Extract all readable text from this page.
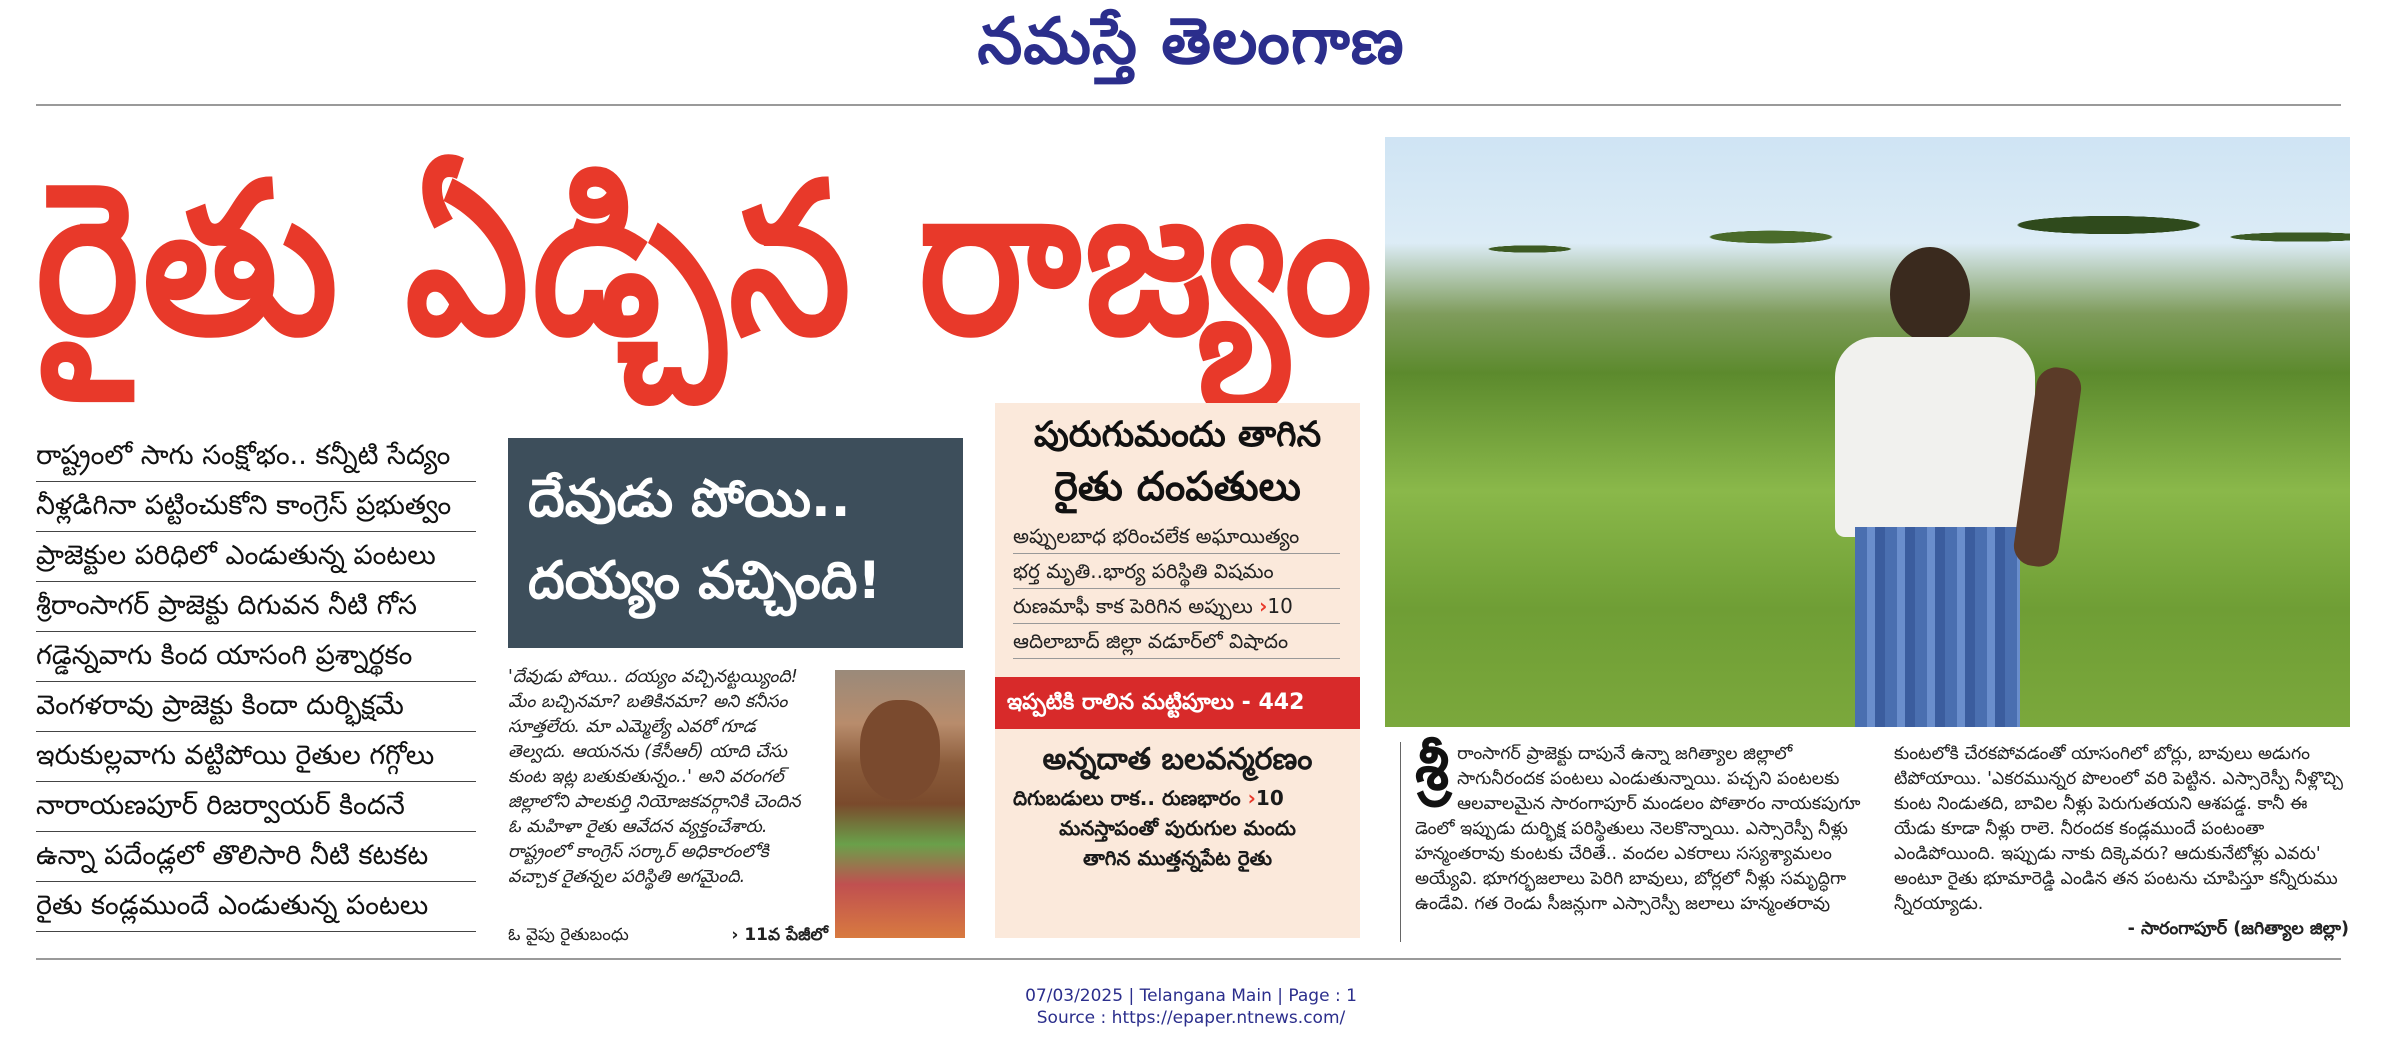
నమస్తే తెలంగాణ
రైతు ఏడ్చిన రాజ్యం
రాష్ట్రంలో సాగు సంక్షోభం.. కన్నీటి సేద్యం
నీళ్లడిగినా పట్టించుకోని కాంగ్రెస్ ప్రభుత్వం
ప్రాజెక్టుల పరిధిలో ఎండుతున్న పంటలు
శ్రీరాంసాగర్ ప్రాజెక్టు దిగువన నీటి గోస
గడ్డెన్నవాగు కింద యాసంగి ప్రశ్నార్థకం
వెంగళరావు ప్రాజెక్టు కిందా దుర్భిక్షమే
ఇరుకుల్లవాగు వట్టిపోయి రైతుల గగ్గోలు
నారాయణపూర్ రిజర్వాయర్ కిందనే
ఉన్నా పదేండ్లలో తొలిసారి నీటి కటకట
రైతు కండ్లముందే ఎండుతున్న పంటలు
దేవుడు పోయి..
దయ్యం వచ్చింది!
'దేవుడు పోయి.. దయ్యం వచ్చినట్టయ్యింది!
మేం బచ్చినమా? బతికినమా? అని కనీసం
సూత్తలేరు. మా ఎమ్మెల్యే ఎవరో గూడ
తెల్వదు. ఆయనను (కేసీఆర్) యాది చేసు
కుంట ఇట్ల బతుకుతున్నం..' అని వరంగల్
జిల్లాలోని పాలకుర్తి నియోజకవర్గానికి చెందిన
ఓ మహిళా రైతు ఆవేదన వ్యక్తంచేశారు.
రాష్ట్రంలో కాంగ్రెస్ సర్కార్ అధికారంలోకి
వచ్చాక రైతన్నల పరిస్థితి అగమైంది.
ఓ వైపు రైతుబంధు	› 11వ పేజీలో
పురుగుమందు తాగిన
రైతు దంపతులు
అప్పులబాధ భరించలేక అఘాయిత్యం
భర్త మృతి..భార్య పరిస్థితి విషమం
రుణమాఫీ కాక పెరిగిన అప్పులు ›10
ఆదిలాబాద్ జిల్లా వడూర్‌లో విషాదం
ఇప్పటికి రాలిన మట్టిపూలు - 442
అన్నదాత బలవన్మరణం
దిగుబడులు రాక.. రుణభారం ›10
మనస్తాపంతో పురుగుల మందు
తాగిన ముత్తన్నపేట రైతు
శ్రీ రాంసాగర్ ప్రాజెక్టు దాపునే ఉన్నా జగిత్యాల జిల్లాలో
సాగునీరందక పంటలు ఎండుతున్నాయి. పచ్చని పంటలకు
ఆలవాలమైన సారంగాపూర్ మండలం పోతారం నాయకపుగూ
డెంలో ఇప్పుడు దుర్భిక్ష పరిస్థితులు నెలకొన్నాయి. ఎస్సారెస్పీ నీళ్లు
హన్మంతరావు కుంటకు చేరితే.. వందల ఎకరాలు సస్యశ్యామలం
అయ్యేవి. భూగర్భజలాలు పెరిగి బావులు, బోర్లలో నీళ్లు సమృద్ధిగా
ఉండేవి. గత రెండు సీజన్లుగా ఎస్సారెస్పీ జలాలు హన్మంతరావు
కుంటలోకి చేరకపోవడంతో యాసంగిలో బోర్లు, బావులు అడుగం
టిపోయాయి. 'ఎకరమున్నర పొలంలో వరి పెట్టిన. ఎస్సారెస్పీ నీళ్లొచ్చి
కుంట నిండుతది, బావిల నీళ్లు పెరుగుతయని ఆశపడ్డ. కానీ ఈ
యేడు కూడా నీళ్లు రాలె. నీరందక కండ్లముందే పంటంతా
ఎండిపోయింది. ఇప్పుడు నాకు దిక్కెవరు? ఆదుకునేటోళ్లు ఎవరు'
అంటూ రైతు భూమారెడ్డి ఎండిన తన పంటను చూపిస్తూ కన్నీరుము
న్నీరయ్యాడు.
- సారంగాపూర్ (జగిత్యాల జిల్లా)
07/03/2025 | Telangana Main | Page : 1
Source : https://epaper.ntnews.com/
